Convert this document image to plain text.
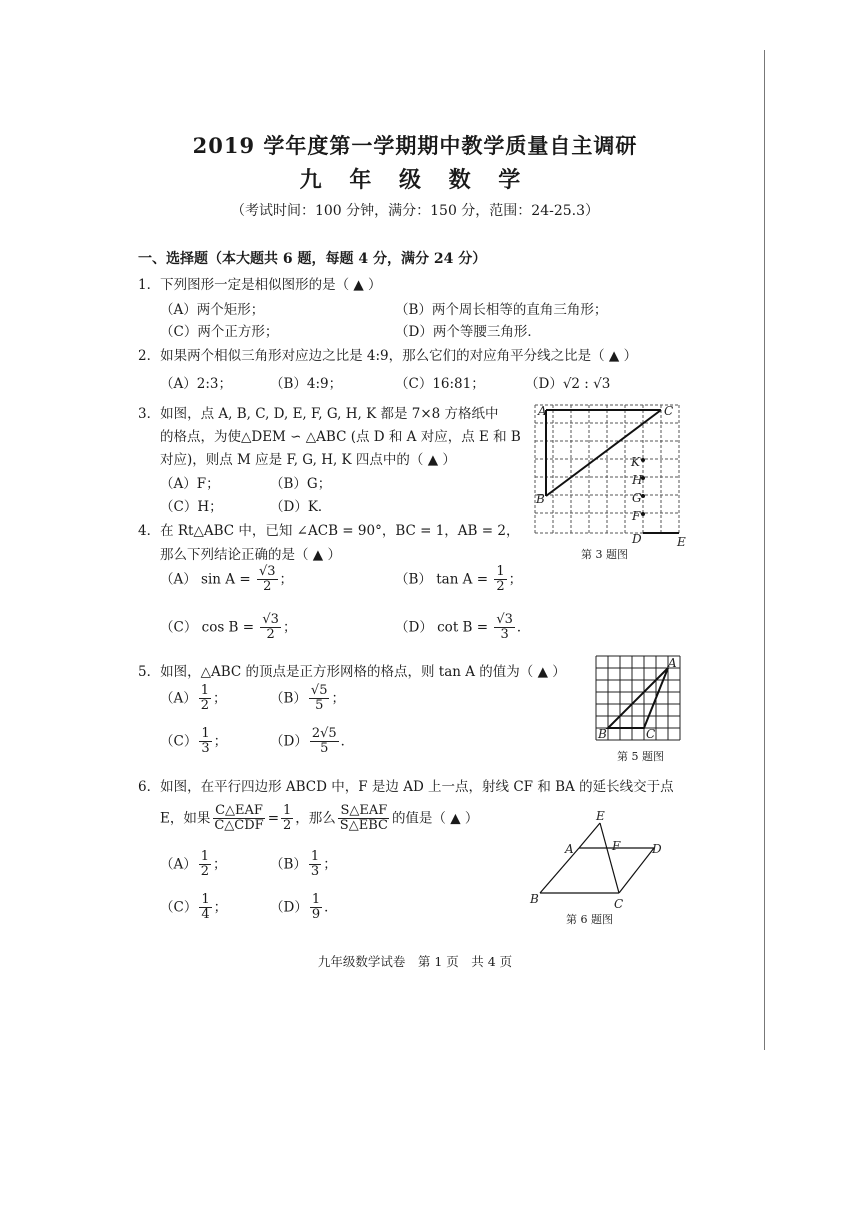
2019 学年度第一学期期中教学质量自主调研
九 年 级 数 学
（考试时间：100 分钟，满分：150 分，范围：24-25.3）
一、选择题（本大题共 6 题，每题 4 分，满分 24 分）
1．下列图形一定是相似图形的是（ ▲ ）
（A）两个矩形；	（B）两个周长相等的直角三角形；
（C）两个正方形；	（D）两个等腰三角形．
2．如果两个相似三角形对应边之比是 4:9，那么它们的对应角平分线之比是（ ▲ ）
（A）2:3；	（B）4:9；	（C）16:81；	（D）√2 : √3
3．如图，点 A, B, C, D, E, F, G, H, K 都是 7×8 方格纸中
的格点，为使△DEM ∽ △ABC (点 D 和 A 对应，点 E 和 B
对应)，则点 M 应是 F, G, H, K 四点中的（ ▲ ）
（A）F；	（B）G；
（C）H；	（D）K．
A	C
B
K
H
G
F
D	E
第 3 题图
4．在 Rt△ABC 中，已知 ∠ACB = 90°，BC = 1，AB = 2，
那么下列结论正确的是（ ▲ ）
（A） $\sin A = \frac{√3}{2}$ ；	（B） $\tan A = \frac{1}{2}$ ；
（C） $\cos B = \frac{√3}{2}$ ；	（D） $\cot B = \frac{√3}{3}$ ．
5．如图，△ABC 的顶点是正方形网格的格点，则 tan A 的值为（ ▲ ）
$(A) \frac{1}{2}$ ；	$(B) \frac{√5}{5}$ ；
$(C) \frac{1}{3}$ ；	$(D) \frac{2√5}{5}$ ．
A
B	C
第 5 题图
6．如图，在平行四边形 ABCD 中，F 是边 AD 上一点，射线 CF 和 BA 的延长线交于点
E，如果 $\frac{\text{C△EAF}}{\text{C△CDF}} = \frac{1}{2}$ ，那么 $\frac{\text{S△EAF}}{\text{S△EBC}}$ 的值是（ ▲ ）
$(A) \frac{1}{2}$ ；	$(B) \frac{1}{3}$ ；
$(C) \frac{1}{4}$ ；	$(D) \frac{1}{9}$ ．
E
A	F	D
B	C
第 6 题图
九年级数学试卷　第 1 页　共 4 页
